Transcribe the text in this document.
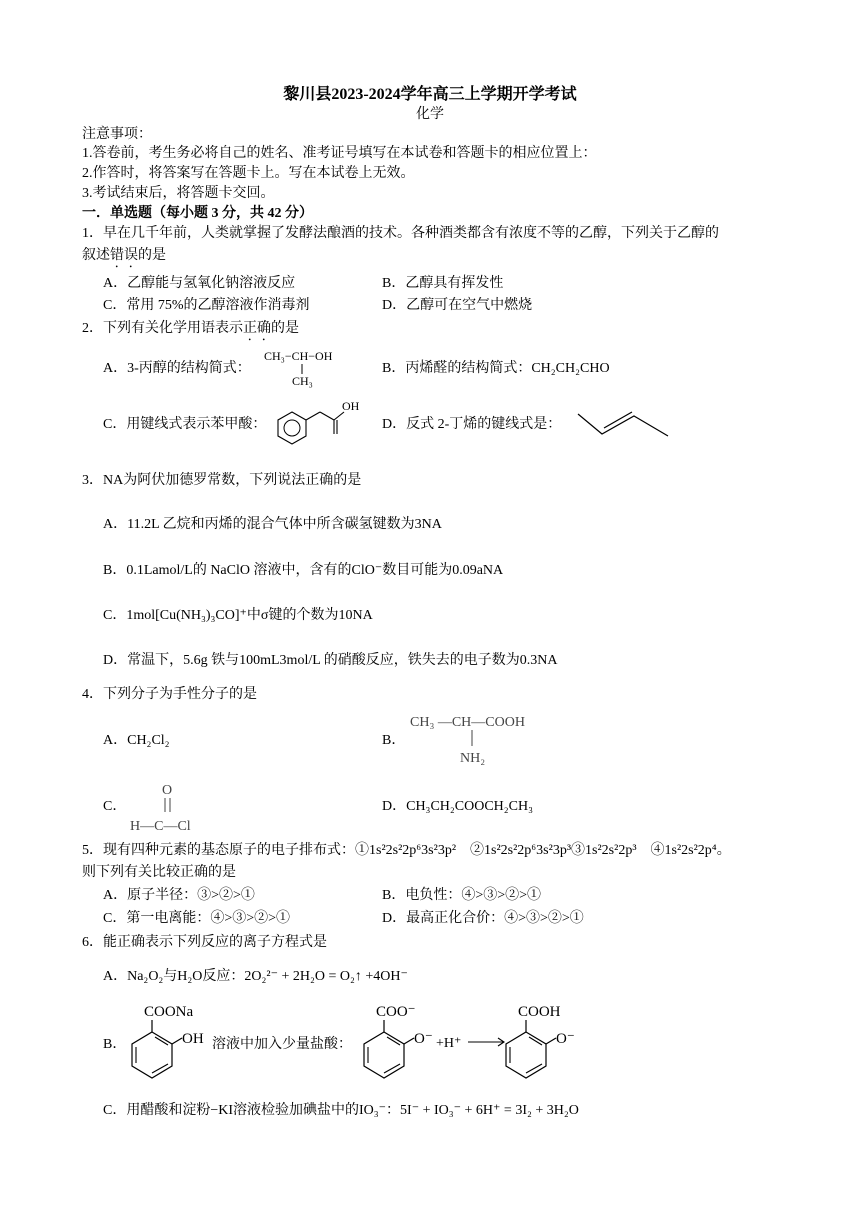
黎川县2023-2024学年高三上学期开学考试
化学
注意事项：
1.答卷前，考生务必将自己的姓名、准考证号填写在本试卷和答题卡的相应位置上：
2.作答时，将答案写在答题卡上。写在本试卷上无效。
3.考试结束后，将答题卡交回。
一．单选题（每小题 3 分，共 42 分）
1．早在几千年前，人类就掌握了发酵法酿酒的技术。各种酒类都含有浓度不等的乙醇，下列关于乙醇的
叙述错误的是
A．乙醇能与氢氧化钠溶液反应	B．乙醇具有挥发性
C．常用 75%的乙醇溶液作消毒剂	D．乙醇可在空气中燃烧
2．下列有关化学用语表示正确的是
A．3-丙醇的结构简式：
CH₃−CH−OH
CH₃
B．丙烯醛的结构简式：CH₂CH₂CHO
C．用键线式表示苯甲酸：
OH
D．反式 2-丁烯的键线式是：
3．NA为阿伏加德罗常数，下列说法正确的是
A．11.2L 乙烷和丙烯的混合气体中所含碳氢键数为3NA
B．0.1Lamol/L的 NaClO 溶液中，含有的ClO⁻数目可能为0.09aNA
C．1mol[Cu(NH₃)₃CO]⁺中σ键的个数为10NA
D．常温下，5.6g 铁与100mL3mol/L 的硝酸反应，铁失去的电子数为0.3NA
4．下列分子为手性分子的是
A．CH₂Cl₂	B．
CH₃ —CH—COOH
NH₂
C．
O
H—C—Cl
D．CH₃CH₂COOCH₂CH₃
5．现有四种元素的基态原子的电子排布式：①1s²2s²2p⁶3s²3p²　②1s²2s²2p⁶3s²3p³③1s²2s²2p³　④1s²2s²2p⁴。
则下列有关比较正确的是
A．原子半径：③>②>①	B．电负性：④>③>②>①
C．第一电离能：④>③>②>①	D．最高正化合价：④>③>②>①
6．能正确表示下列反应的离子方程式是
A．Na₂O₂与H₂O反应：2O₂²⁻ + 2H₂O = O₂↑ +4OH⁻
B．
COONa
OH 溶液中加入少量盐酸：
COO⁻
O⁻ +H⁺
COOH
O⁻
C．用醋酸和淀粉−KI溶液检验加碘盐中的IO₃⁻：5I⁻ + IO₃⁻ + 6H⁺ = 3I₂ + 3H₂O
